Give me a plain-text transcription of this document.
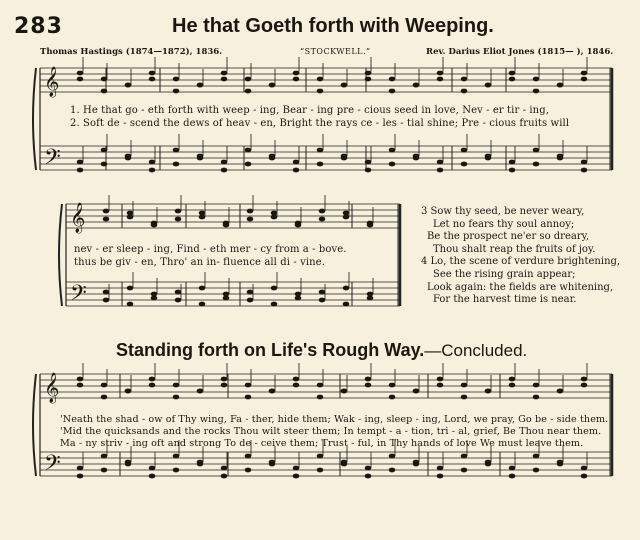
283	He that Goeth forth with Weeping.
Thomas Hastings (1874—1872), 1836.	“STOCKWELL.”	Rev. Darius Eliot Jones (1815— ), 1846.
𝄞
𝄢
𝄞
𝄢
𝄞
𝄢
1. He that go - eth forth with weep - ing, Bear - ing pre - cious seed in love, Nev - er tir - ing,
2. Soft de - scend the dews of heav - en, Bright the rays ce - les - tial shine; Pre - cious fruits will
nev - er sleep - ing, Find - eth mer - cy from a - bove.
thus be giv - en, Thro' an in- fluence all di - vine.
3 Sow thy seed, be never weary,
Let no fears thy soul annoy;
Be the prospect ne'er so dreary,
Thou shalt reap the fruits of joy.
4 Lo, the scene of verdure brightening,
See the rising grain appear;
Look again: the fields are whitening,
For the harvest time is near.
Standing forth on Life's Rough Way.—Concluded.
'Neath the shad - ow of Thy wing, Fa - ther, hide them; Wak - ing, sleep - ing, Lord, we pray, Go be - side them.
'Mid the quicksands and the rocks Thou wilt steer them; In tempt - a - tion, tri - al, grief, Be Thou near them.
Ma - ny striv - ing oft and strong To de - ceive them; Trust - ful, in Thy hands of love We must leave them.
